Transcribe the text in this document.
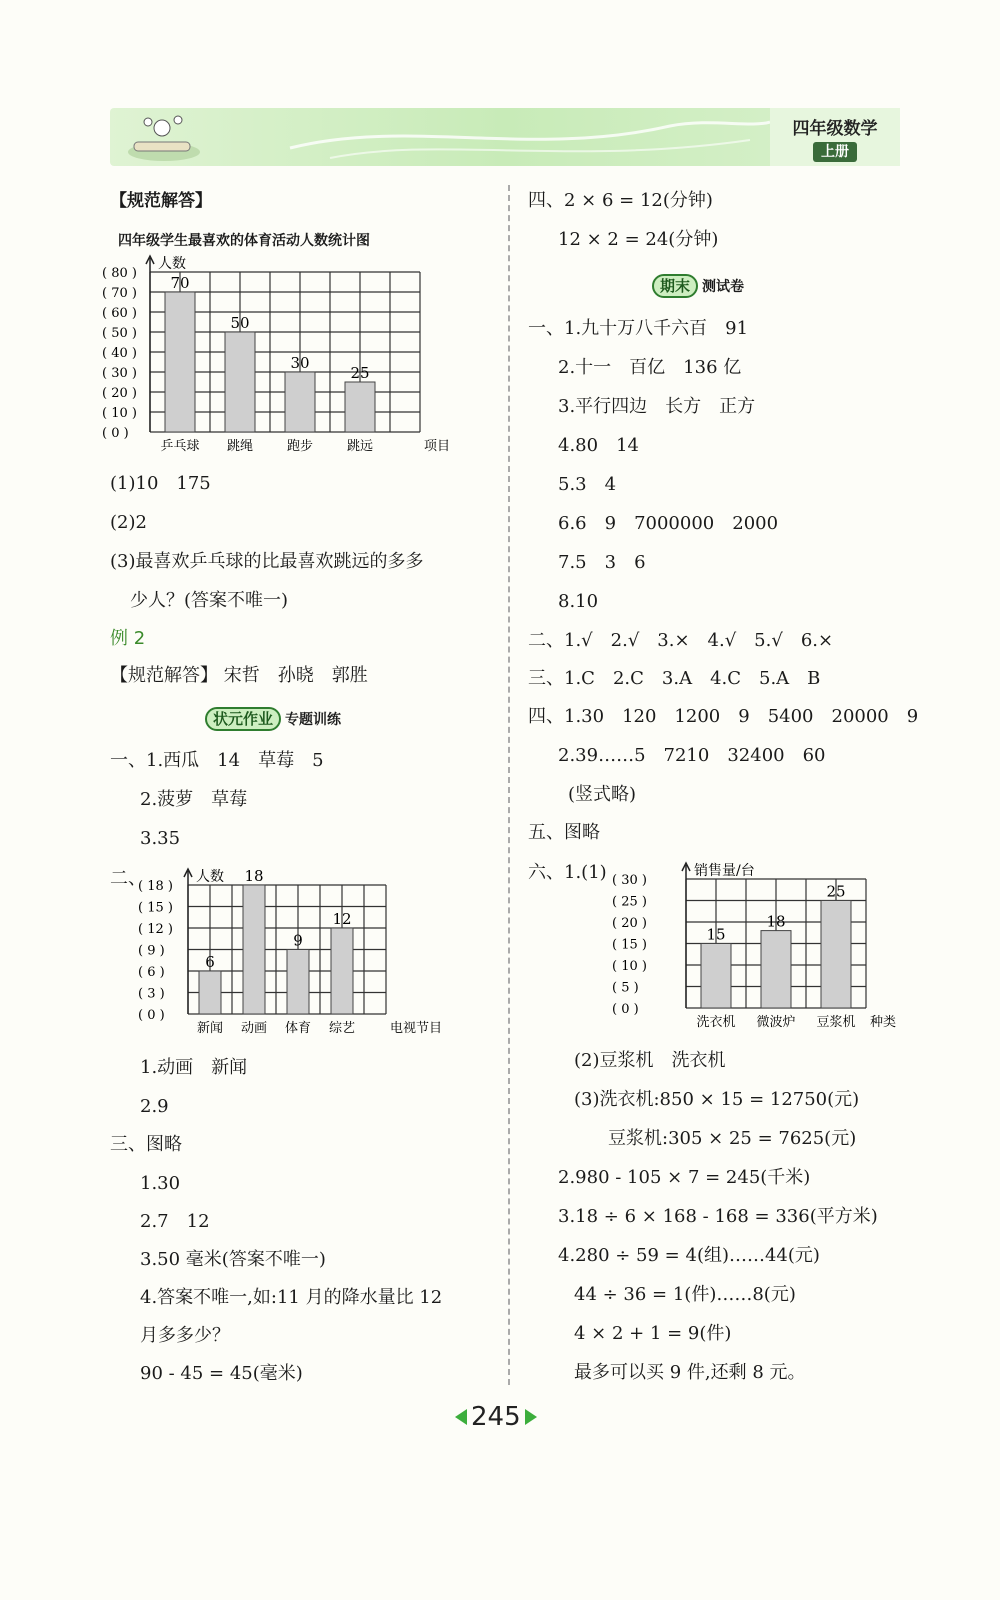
四年级数学
上册
【规范解答】
四年级学生最喜欢的体育活动人数统计图
人数
( 80 )
( 70 )
( 60 )
( 50 )
( 40 )
( 30 )
( 20 )
( 10 )
( 0 )
70
乒乓球
50
跳绳
30
跑步
25
跳远	项目
(1)10　175
(2)2
(3)最喜欢乒乓球的比最喜欢跳远的多多
少人？(答案不唯一)
例 2
【规范解答】 宋哲　孙晓　郭胜
状元作业 专题训练
一、1.西瓜　14　草莓　5
2.菠萝　草莓
3.35
二、	人数
( 18 )
( 15 )
( 12 )
( 9 )
( 6 )
( 3 )
( 0 )
6
新闻
18
动画
9
体育
12
综艺	电视节目
1.动画　新闻
2.9
三、图略
1.30
2.7　12
3.50 毫米(答案不唯一)
4.答案不唯一,如:11 月的降水量比 12
月多多少？
90 - 45 = 45(毫米)
四、2 × 6 = 12(分钟)
12 × 2 = 24(分钟)
期末 测试卷
一、1.九十万八千六百　91
2.十一　百亿　136 亿
3.平行四边　长方　正方
4.80　14
5.3　4
6.6　9　7000000　2000
7.5　3　6
8.10
二、1.√　2.√　3.×　4.√　5.√　6.×
三、1.C　2.C　3.A　4.C　5.A　B
四、1.30　120　1200　9　5400　20000　9
2.39……5　7210　32400　60
(竖式略)
五、图略
六、1.(1)	销售量/台
( 30 )
( 25 )
( 20 )
( 15 )
( 10 )
( 5 )
( 0 )
15
洗衣机
18
微波炉
25
豆浆机 种类
(2)豆浆机　洗衣机
(3)洗衣机:850 × 15 = 12750(元)
豆浆机:305 × 25 = 7625(元)
2.980 - 105 × 7 = 245(千米)
3.18 ÷ 6 × 168 - 168 = 336(平方米)
4.280 ÷ 59 = 4(组)……44(元)
44 ÷ 36 = 1(件)……8(元)
4 × 2 + 1 = 9(件)
最多可以买 9 件,还剩 8 元。
245
